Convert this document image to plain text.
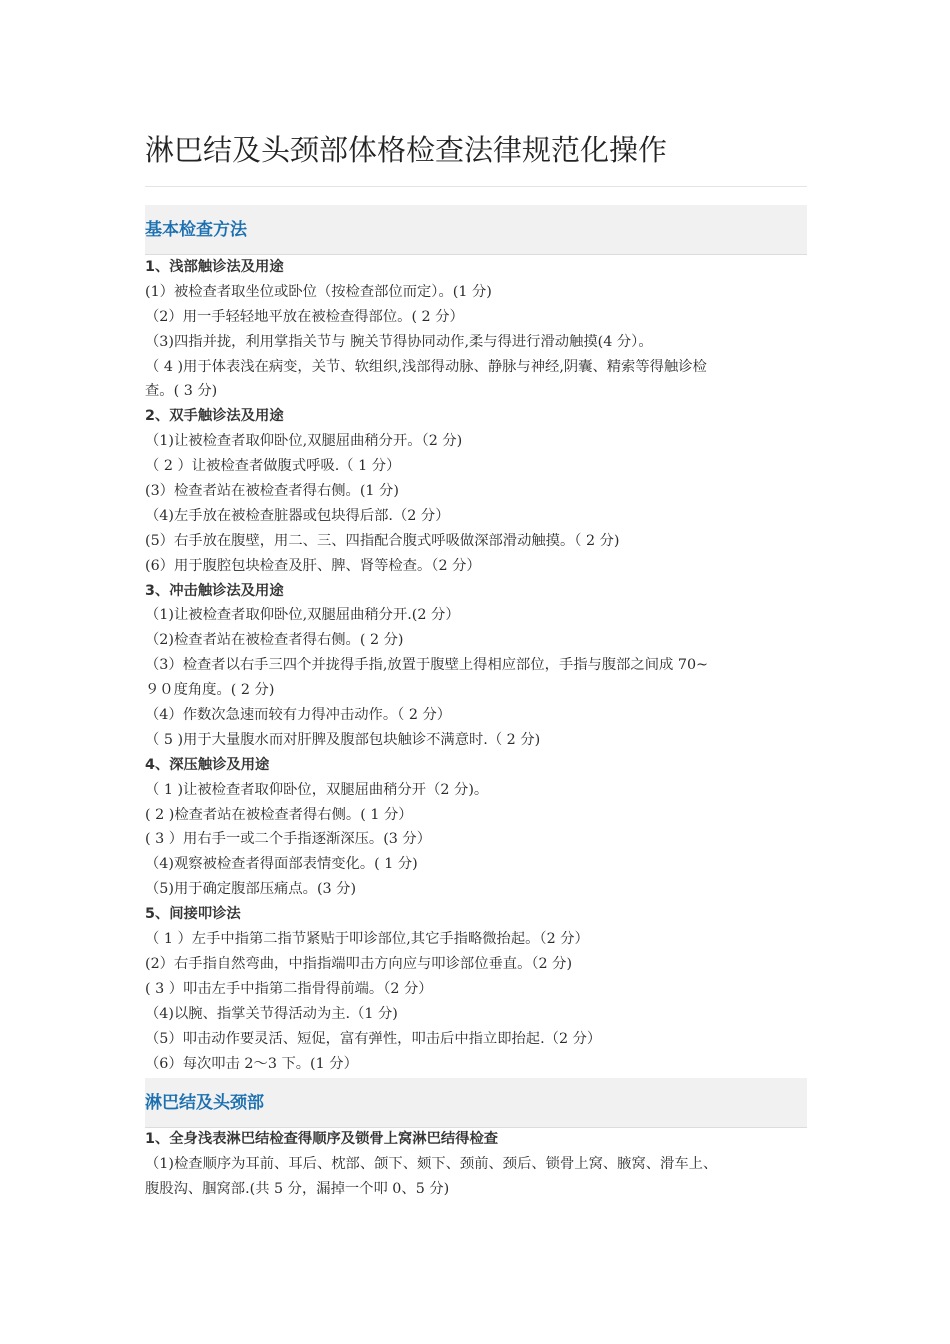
淋巴结及头颈部体格检查法律规范化操作
基本检查方法
1、浅部触诊法及用途
(1）被检查者取坐位或卧位（按检查部位而定）。(1 分)
（2）用一手轻轻地平放在被检查得部位。( 2 分）
（3)四指并拢，利用掌指关节与 腕关节得协同动作,柔与得进行滑动触摸(4 分）。
（ 4 )用于体表浅在病变，关节、软组织,浅部得动脉、静脉与神经,阴囊、精索等得触诊检
查。( 3 分)
2、双手触诊法及用途
（1)让被检查者取仰卧位,双腿屈曲稍分开。（2 分)
（ 2 ）让被检查者做腹式呼吸.（ 1 分）
(3）检查者站在被检查者得右侧。(1 分)
（4)左手放在被检查脏器或包块得后部.（2 分）
(5）右手放在腹壁，用二、三、四指配合腹式呼吸做深部滑动触摸。（ 2 分)
(6）用于腹腔包块检查及肝、脾、肾等检查。（2 分）
3、冲击触诊法及用途
（1)让被检查者取仰卧位,双腿屈曲稍分开.(2 分）
（2)检查者站在被检查者得右侧。( 2 分)
（3）检查者以右手三四个并拢得手指,放置于腹壁上得相应部位，手指与腹部之间成 70~
９０度角度。( 2 分)
（4）作数次急速而较有力得冲击动作。（ 2 分）
（ 5 )用于大量腹水而对肝脾及腹部包块触诊不满意时.（ 2 分)
4、深压触诊及用途
（ 1 )让被检查者取仰卧位，双腿屈曲稍分开（2 分)。
( 2 )检查者站在被检查者得右侧。( 1 分）
( 3 ）用右手一或二个手指逐渐深压。(3 分）
（4)观察被检查者得面部表情变化。( 1 分)
（5)用于确定腹部压痛点。(3 分)
5、间接叩诊法
（ 1 ）左手中指第二指节紧贴于叩诊部位,其它手指略微抬起。（2 分）
(2）右手指自然弯曲，中指指端叩击方向应与叩诊部位垂直。（2 分)
( 3 ）叩击左手中指第二指骨得前端。（2 分）
（4)以腕、指掌关节得活动为主.（1 分)
（5）叩击动作要灵活、短促，富有弹性，叩击后中指立即抬起.（2 分）
（6）每次叩击 2～3 下。(1 分）
淋巴结及头颈部
1、全身浅表淋巴结检查得顺序及锁骨上窝淋巴结得检查
（1)检查顺序为耳前、耳后、枕部、颌下、颏下、颈前、颈后、锁骨上窝、腋窝、滑车上、
腹股沟、腘窝部.(共 5 分，漏掉一个叩 0、5 分)
